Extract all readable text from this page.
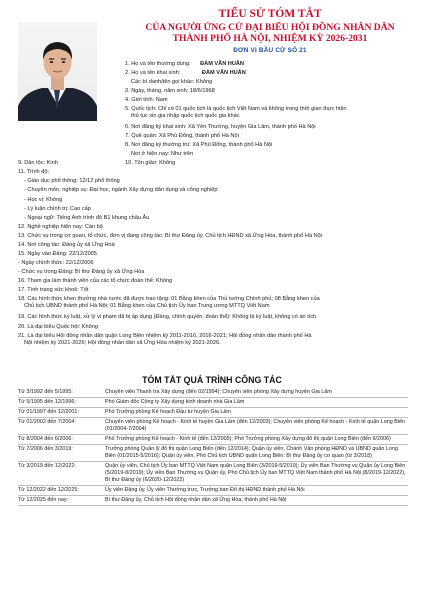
TIỂU SỬ TÓM TẮT
CỦA NGƯỜI ỨNG CỬ ĐẠI BIỂU HỘI ĐỒNG NHÂN DÂN
THÀNH PHỐ HÀ NỘI, NHIỆM KỲ 2026-2031
ĐƠN VỊ BẦU CỬ SỐ 21
1. Họ và tên thường dùng: ĐÀM VĂN HUÂN
2. Họ và tên khai sinh:	ĐÀM VĂN HUÂN
Các bí danh/tên gọi khác: Không
3. Ngày, tháng, năm sinh: 18/6/1968
4. Giới tính: Nam
5. Quốc tịch: Chỉ có 01 quốc tịch là quốc tịch Việt Nam và không trong thời gian thực hiện
thủ tục xin gia nhập quốc tịch quốc gia khác
6. Nơi đăng ký khai sinh: Xã Yên Thường, huyện Gia Lâm, thành phố Hà Nội
7. Quê quán: Xã Phù Đổng, thành phố Hà Nội
8. Nơi đăng ký thường trú: Xã Phù Đổng, thành phố Hà Nội
Nơi ở hiện nay: Như trên
9. Dân tộc: Kinh	10. Tôn giáo: Không
11. Trình độ:
- Giáo dục phổ thông: 12/12 phổ thông
- Chuyên môn, nghiệp vụ: Đại học, ngành Xây dựng dân dụng và công nghiệp
- Học vị: Không
- Lý luận chính trị: Cao cấp
- Ngoại ngữ: Tiếng Anh trình độ B1 khung châu Âu
12. Nghề nghiệp hiện nay: Cán bộ
13. Chức vụ trong cơ quan, tổ chức, đơn vị đang công tác: Bí thư Đảng ủy, Chủ tịch HĐND xã Ứng Hòa, thành phố Hà Nội
14. Nơi công tác: Đảng ủy xã Ứng Hoà
15. Ngày vào Đảng: 22/12/2005
- Ngày chính thức: 22/12/2006
- Chức vụ trong Đảng: Bí thư Đảng ủy xã Ứng Hòa
16. Tham gia làm thành viên của các tổ chức đoàn thể: Không
17. Tình trạng sức khoẻ: Tốt
18. Các hình thức khen thưởng nhà nước đã được trao tặng: 01 Bằng khen của Thủ tướng Chính phủ; 08 Bằng khen của
Chủ tịch UBND thành phố Hà Nội; 01 Bằng khen của Chủ tịch Ủy ban Trung ương MTTQ Việt Nam
19. Các hình thức kỷ luật, xử lý vi phạm đã bị áp dụng (Đảng, chính quyền, đoàn thể): Không bị kỷ luật, không có án tích
20. Là đại biểu Quốc hội: Không
21. Là đại biểu Hội đồng nhân dân quận Long Biên nhiệm kỳ 2011-2016, 2016-2021; Hội đồng nhân dân thành phố Hà
Nội nhiệm kỳ 2021-2026; Hội đồng nhân dân xã Ứng Hòa nhiệm kỳ 2021-2026.
TÓM TẮT QUÁ TRÌNH CÔNG TÁC
Từ 3/1992 đến 5/1995:	Chuyên viên Thanh tra Xây dựng (đến 02/1994); Chuyên viên phòng Xây dựng huyện Gia Lâm
Từ 5/1995 đến 12/1996:	Phó Giám đốc Công ty Xây dựng kinh doanh nhà Gia Lâm
Từ 01/1997 đến 12/2001:	Phó Trưởng phòng Kế hoạch Đầu tư huyện Gia Lâm
Từ 01/2002 đến 7/2004:	Chuyên viên phòng Kế hoạch - Kinh tế huyện Gia Lâm (đến 12/2003); Chuyên viên phòng Kế hoạch - Kinh tế quận Long Biên (01/2004-7/2004)
Từ 8/2004 đến 6/2006:	Phó Trưởng phòng Kế hoạch - Kinh tế (đến 12/2005); Phó Trưởng phòng Xây dựng đô thị quận Long Biên (đến 6/2006)
Từ 7/2006 đến 3/2019:	Trưởng phòng Quản lý đô thị quận Long Biên (đến 12/2014); Quận ủy viên, Chánh Văn phòng HĐND và UBND quận Long Biên (01/2015-5/2016); Quận ủy viên, Phó Chủ tịch UBND quận Long Biên; Bí thư Đảng ủy cơ quan (từ 3/2018)
Từ 3/2019 đến 12/2022:	Quận ủy viên, Chủ tịch Ủy ban MTTQ Việt Nam quận Long Biên (3/2019-5/2019); Ủy viên Ban Thường vụ Quận ủy Long Biên (5/2019-8/2019); Ủy viên Ban Thường vụ Quận ủy, Phó Chủ tịch Ủy ban MTTQ Việt Nam thành phố Hà Nội (8/2019-12/2022), Bí thư Đảng ủy (6/2020-12/2022)
Từ 12/2022 đến 12/2025:	Ủy viên Đảng ủy, Ủy viên Thường trực, Trưởng ban Đô thị HĐND thành phố Hà Nội
Từ 12/2025 đến nay:	Bí thư Đảng ủy, Chủ tịch Hội đồng nhân dân xã Ứng Hòa, thành phố Hà Nội
